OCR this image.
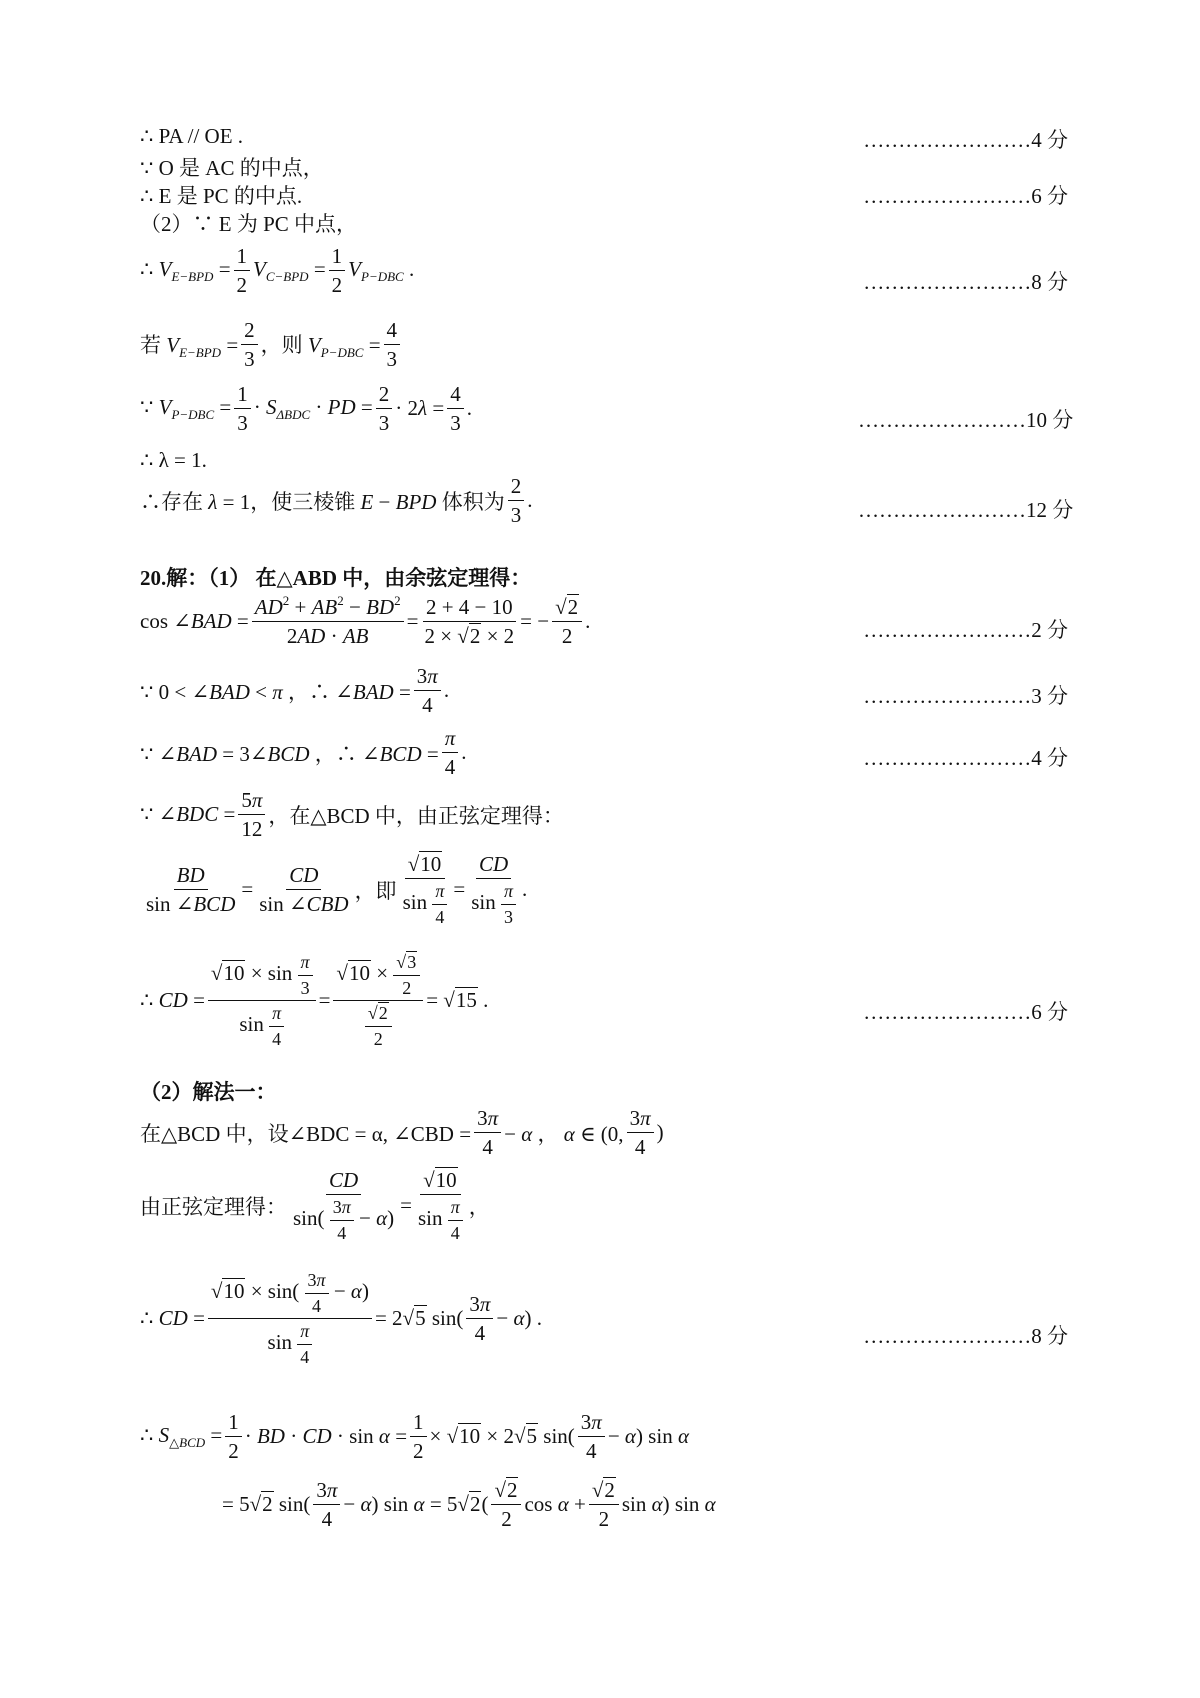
∴ PA // OE .	……………………4 分
∵ O 是 AC 的中点，
∴ E 是 PC 的中点.	……………………6 分
（2）∵ E 为 PC 中点，
∴ $V_{E-BPD} = \frac{1}{2} V_{C-BPD} = \frac{1}{2} V_{P-DBC}$ .
……………………8 分
若 $V_{E-BPD} = \frac{2}{3}$ ，则 $V_{P-DBC} = \frac{4}{3}$
∵ $V_{P-DBC} = \frac{1}{3} \cdot S_{\Delta BDC}$ · PD = $\frac{2}{3} \cdot 2\lambda = \frac{4}{3}$ .	……………………10 分
∴ λ = 1.
∴存在 λ = 1，使三棱锥 E − BPD 体积为 $\frac{2}{3}$ .	……………………12 分
20.解：（1） 在△ABD 中，由余弦定理得：
cos ∠BAD = $\frac{AD^2 + AB^2 - BD^2}{2AD \cdot AB} = \frac{2 + 4 - 10}{2 \times √2 \times 2}$ = − $\frac{√2}{2}$ .	……………………2 分
∵ 0 < ∠BAD < π ，∴ ∠BAD = $\frac{3\pi}{4}$ .	……………………3 分
∵ ∠BAD = 3∠BCD ，∴ ∠BCD = $\frac{\pi}{4}$ .	……………………4 分
∵ ∠BDC = $\frac{5\pi}{12}$ ，在△BCD 中，由正弦定理得：
$\frac{BD}{\text{sin ∠BCD}} = \frac{CD}{\text{sin ∠CBD}}$ ，即 $\frac{√10}{\sin \frac{\pi}{4}} = \frac{CD}{\sin \frac{\pi}{3}}$ .
∴ CD = $\frac{√10 \times \sin \frac{\pi}{3}}{\sin \frac{\pi}{4}} = \frac{√10 \times \frac{√3}{2}}{\frac{√2}{2}} = √15$ .	……………………6 分
（2）解法一：
在△BCD 中，设∠BDC = α, ∠CBD = $\frac{3\pi}{4} - \alpha$ ， α ∈ (0, $\frac{3\pi}{4}$ )
由正弦定理得： $\frac{CD}{\sin( \frac{3\pi}{4} - \alpha)} = \frac{√10}{\sin \frac{\pi}{4}}$ ，
∴ CD = $\frac{√10 \times \sin( \frac{3\pi}{4} - \alpha)}{\sin \frac{\pi}{4}} = 2√5$ $\sin( \frac{3\pi}{4} - \alpha)$ .
……………………8 分
∴ $S_{\triangle BCD} = \frac{1}{2}$ · BD · CD · $\sin \alpha = \frac{1}{2} \times √10 \times 2√5$ $\sin( \frac{3\pi}{4} - \alpha)$ sin α
= 5√2 $\sin( \frac{3\pi}{4} - \alpha)$ $\sin \alpha = 5√2( \frac{√2}{2}$ $\cos \alpha + \frac{√2}{2}$ sin α) sin α
